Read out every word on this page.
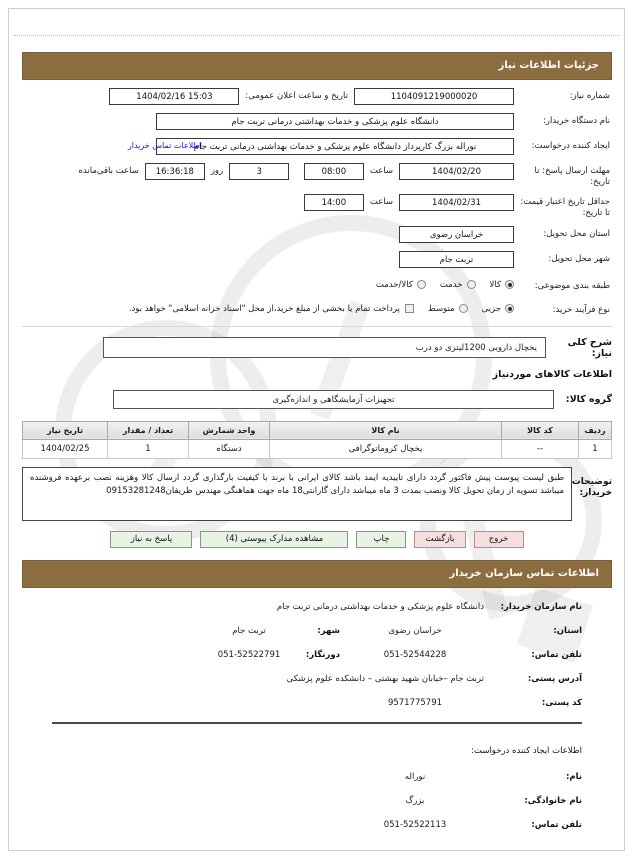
جزئیات اطلاعات نیاز
شماره نیاز:
1104091219000020
تاریخ و ساعت اعلان عمومی:
15:03 1404/02/16
نام دستگاه خریدار:
دانشگاه علوم پزشکی و خدمات بهداشتی درمانی تربت جام
ایجاد کننده درخواست:
نوراله بزرگ کارپرداز دانشگاه علوم پزشکی و خدمات بهداشتی درمانی تربت جام
اطلاعات تماس خریدار
مهلت ارسال پاسخ: تا تاریخ:
1404/02/20
ساعت
08:00

3
روز
16:36:18
ساعت باقی‌مانده
حداقل تاریخ اعتبار قیمت: تا تاریخ:
1404/02/31
ساعت
14:00
استان محل تحویل:
خراسان رضوی
شهر محل تحویل:
تربت جام
طبقه بندی موضوعی:
کالا
خدمت
کالا/خدمت
نوع فرآیند خرید:
جزیی
متوسط
پرداخت تمام یا بخشی از مبلغ خرید،از محل "اسناد خزانه اسلامی" خواهد بود.
شرح کلی نیاز:
یخچال دارویی 1200لیتری دو درب
اطلاعات کالاهای موردنیاز
گروه کالا:
تجهیزات آزمایشگاهی و اندازه‌گیری
ردیف	کد کالا	نام کالا	واحد شمارش	تعداد / مقدار	تاریخ نیاز
1	--	یخچال کروماتوگرافی	دستگاه	1	1404/02/25
توضیحات خریدار:
طبق لیست پیوست پیش فاکتور گردد دارای تاییدیه ایمد باشد کالای ایرانی با برند با کیفیت بارگذاری گردد ارسال کالا وهزینه نصب برعهده فروشنده میباشد تسویه از زمان تحویل کالا ونصب بمدت 3 ماه میباشد دارای گارانتی18 ماه جهت هماهنگی مهندس ظریفان09153281248
خروج
بازگشت
چاپ
مشاهده مدارک پیوستی (4)
پاسخ به نیاز
اطلاعات تماس سازمان خریدار
نام سازمان خریدار:
دانشگاه علوم پزشکی و خدمات بهداشتی درمانی تربت جام
استان:
خراسان رضوی
شهر:
تربت جام
تلفن تماس:
051-52544228
دورنگار:
051-52522791
آدرس پستی:
تربت جام –خیابان شهید بهشتی – دانشکده علوم پزشکی
کد پستی:
9571775791
اطلاعات ایجاد کننده درخواست:
نام:
نوراله
نام خانوادگی:
بزرگ
تلفن تماس:
051-52522113
